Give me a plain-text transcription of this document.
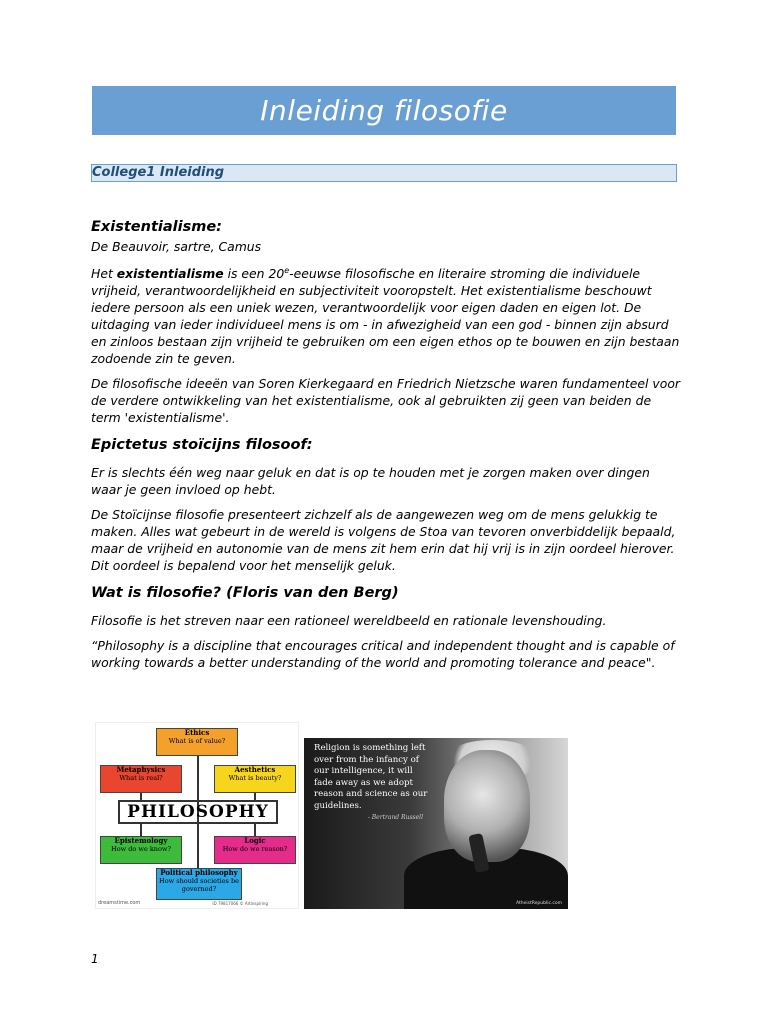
Inleiding filosofie
College1 Inleiding
Existentialisme:

De Beauvoir, sartre, Camus

Het existentialisme is een 20e-eeuwse filosofische en literaire stroming die individuele vrijheid, verantwoordelijkheid en subjectiviteit vooropstelt. Het existentialisme beschouwt iedere persoon als een uniek wezen, verantwoordelijk voor eigen daden en eigen lot. De uitdaging van ieder individueel mens is om - in afwezigheid van een god - binnen zijn absurd en zinloos bestaan zijn vrijheid te gebruiken om een eigen ethos op te bouwen en zijn bestaan zodoende zin te geven.

De filosofische ideeën van Soren Kierkegaard en Friedrich Nietzsche waren fundamenteel voor de verdere ontwikkeling van het existentialisme, ook al gebruikten zij geen van beiden de term 'existentialisme'.

Epictetus stoïcijns filosoof:

Er is slechts één weg naar geluk en dat is op te houden met je zorgen maken over dingen waar je geen invloed op hebt.

De Stoïcijnse filosofie presenteert zichzelf als de aangewezen weg om de mens gelukkig te maken. Alles wat gebeurt in de wereld is volgens de Stoa van tevoren onverbiddelijk bepaald, maar de vrijheid en autonomie van de mens zit hem erin dat hij vrij is in zijn oordeel hierover. Dit oordeel is bepalend voor het menselijk geluk.

Wat is filosofie? (Floris van den Berg)

Filosofie is het streven naar een rationeel wereldbeeld en rationale levenshouding.

“Philosophy is a discipline that encourages critical and independent thought and is capable of working towards a better understanding of the world and promoting tolerance and peace".

Ethics
What is of value?
Metaphysics
What is real?
Aesthetics
What is beauty?
PHILOSOPHY
Epistemology
How do we know?
Logic
How do we reason?
Political philosophy
How should societies be governed?
dreamstime.com	ID 79817066 © Artinspiring
Religion is something left over from the infancy of our intelligence, it will fade away as we adopt reason and science as our guidelines.
- Bertrand Russell
AtheistRepublic.com
1
